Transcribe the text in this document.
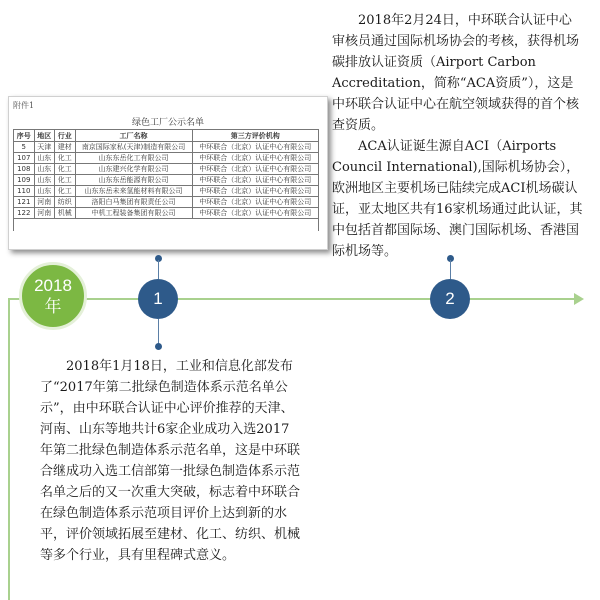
2018年2月24日，中环联合认证中心审核员通过国际机场协会的考核，获得机场碳排放认证资质（Airport Carbon Accreditation，简称“ACA资质”），这是中环联合认证中心在航空领域获得的首个核查资质。

ACA认证诞生源自ACI（Airports Council International),国际机场协会），欧洲地区主要机场已陆续完成ACI机场碳认证，亚太地区共有16家机场通过此认证，其中包括首都国际场、澳门国际机场、香港国际机场等。

附件1
绿色工厂公示名单
序号	地区	行业	工厂名称	第三方评价机构
5	天津	建材	南京国际家私(天津)制造有限公司	中环联合（北京）认证中心有限公司
107	山东	化工	山东东岳化工有限公司	中环联合（北京）认证中心有限公司
108	山东	化工	山东建兴化学有限公司	中环联合（北京）认证中心有限公司
109	山东	化工	山东东岳能源有限公司	中环联合（北京）认证中心有限公司
110	山东	化工	山东东岳未来氢能材料有限公司	中环联合（北京）认证中心有限公司
121	河南	纺织	洛阳白马集团有限责任公司	中环联合（北京）认证中心有限公司
122	河南	机械	中机工程装备集团有限公司	中环联合（北京）认证中心有限公司

2018
年	1	2

2018年1月18日，工业和信息化部发布了“2017年第二批绿色制造体系示范名单公示”，由中环联合认证中心评价推荐的天津、河南、山东等地共计6家企业成功入选2017年第二批绿色制造体系示范名单，这是中环联合继成功入选工信部第一批绿色制造体系示范名单之后的又一次重大突破，标志着中环联合在绿色制造体系示范项目评价上达到新的水平，评价领域拓展至建材、化工、纺织、机械等多个行业，具有里程碑式意义。
